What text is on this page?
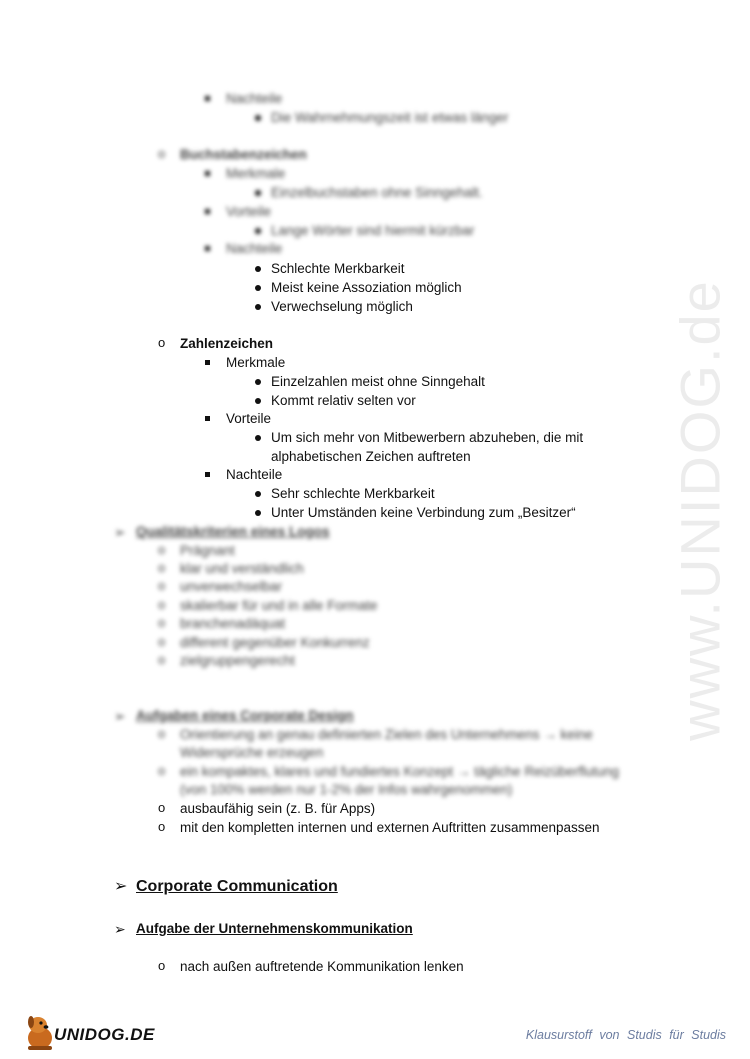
www.UNIDOG.de
Nachteile
Die Wahrnehmungszeit ist etwas länger
o Buchstabenzeichen
Merkmale
Einzelbuchstaben ohne Sinngehalt.
Vorteile
Lange Wörter sind hiermit kürzbar
Nachteile
Schlechte Merkbarkeit
Meist keine Assoziation möglich
Verwechselung möglich
o Zahlenzeichen
Merkmale
Einzelzahlen meist ohne Sinngehalt
Kommt relativ selten vor
Vorteile
Um sich mehr von Mitbewerbern abzuheben, die mit
alphabetischen Zeichen auftreten
Nachteile
Sehr schlechte Merkbarkeit
Unter Umständen keine Verbindung zum „Besitzer“
➢ Qualitätskriterien eines Logos
o Prägnant
o klar und verständlich
o unverwechselbar
o skalierbar für und in alle Formate
o branchenadäquat
o different gegenüber Konkurrenz
o zielgruppengerecht
➢ Aufgaben eines Corporate Design
o Orientierung an genau definierten Zielen des Unternehmens → keine
Widersprüche erzeugen
o ein kompaktes, klares und fundiertes Konzept → tägliche Reizüberflutung
(von 100% werden nur 1-2% der Infos wahrgenommen)
o ausbaufähig sein (z. B. für Apps)
o mit den kompletten internen und externen Auftritten zusammenpassen
➢ Corporate Communication
➢ Aufgabe der Unternehmenskommunikation
o nach außen auftretende Kommunikation lenken
UNIDOG.DE	Klausurstoff von Studis für Studis
